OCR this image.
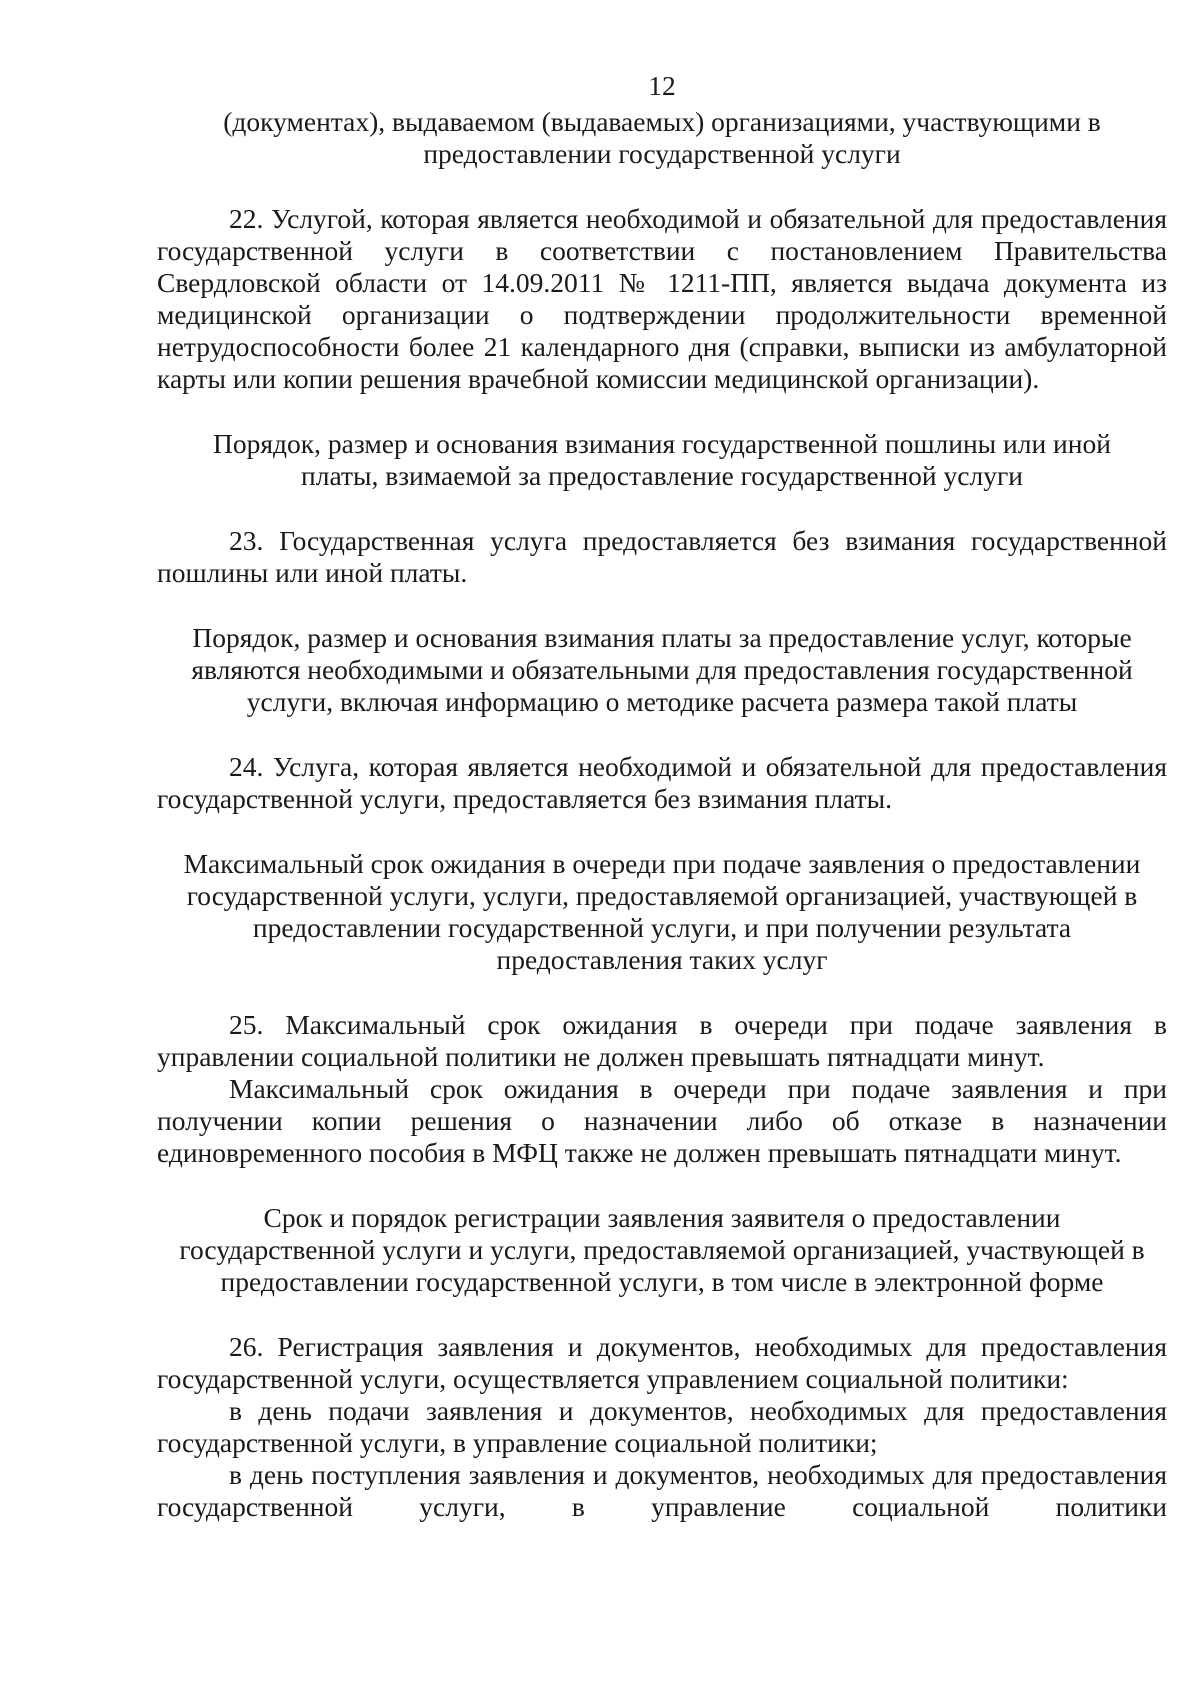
12

(документах), выдаваемом (выдаваемых) организациями, участвующими в предоставлении государственной услуги

22. Услугой, которая является необходимой и обязательной для предоставления государственной услуги в соответствии с постановлением Правительства Свердловской области от 14.09.2011 № 1211-ПП, является выдача документа из медицинской организации о подтверждении продолжительности временной нетрудоспособности более 21 календарного дня (справки, выписки из амбулаторной карты или копии решения врачебной комиссии медицинской организации).

Порядок, размер и основания взимания государственной пошлины или иной платы, взимаемой за предоставление государственной услуги

23. Государственная услуга предоставляется без взимания государственной пошлины или иной платы.

Порядок, размер и основания взимания платы за предоставление услуг, которые являются необходимыми и обязательными для предоставления государственной услуги, включая информацию о методике расчета размера такой платы

24. Услуга, которая является необходимой и обязательной для предоставления государственной услуги, предоставляется без взимания платы.

Максимальный срок ожидания в очереди при подаче заявления о предоставлении государственной услуги, услуги, предоставляемой организацией, участвующей в предоставлении государственной услуги, и при получении результата предоставления таких услуг

25. Максимальный срок ожидания в очереди при подаче заявления в управлении социальной политики не должен превышать пятнадцати минут.

Максимальный срок ожидания в очереди при подаче заявления и при получении копии решения о назначении либо об отказе в назначении единовременного пособия в МФЦ также не должен превышать пятнадцати минут.

Срок и порядок регистрации заявления заявителя о предоставлении государственной услуги и услуги, предоставляемой организацией, участвующей в предоставлении государственной услуги, в том числе в электронной форме

26. Регистрация заявления и документов, необходимых для предоставления государственной услуги, осуществляется управлением социальной политики:

в день подачи заявления и документов, необходимых для предоставления государственной услуги, в управление социальной политики;

в день поступления заявления и документов, необходимых для предоставления государственной услуги, в управление социальной политики
